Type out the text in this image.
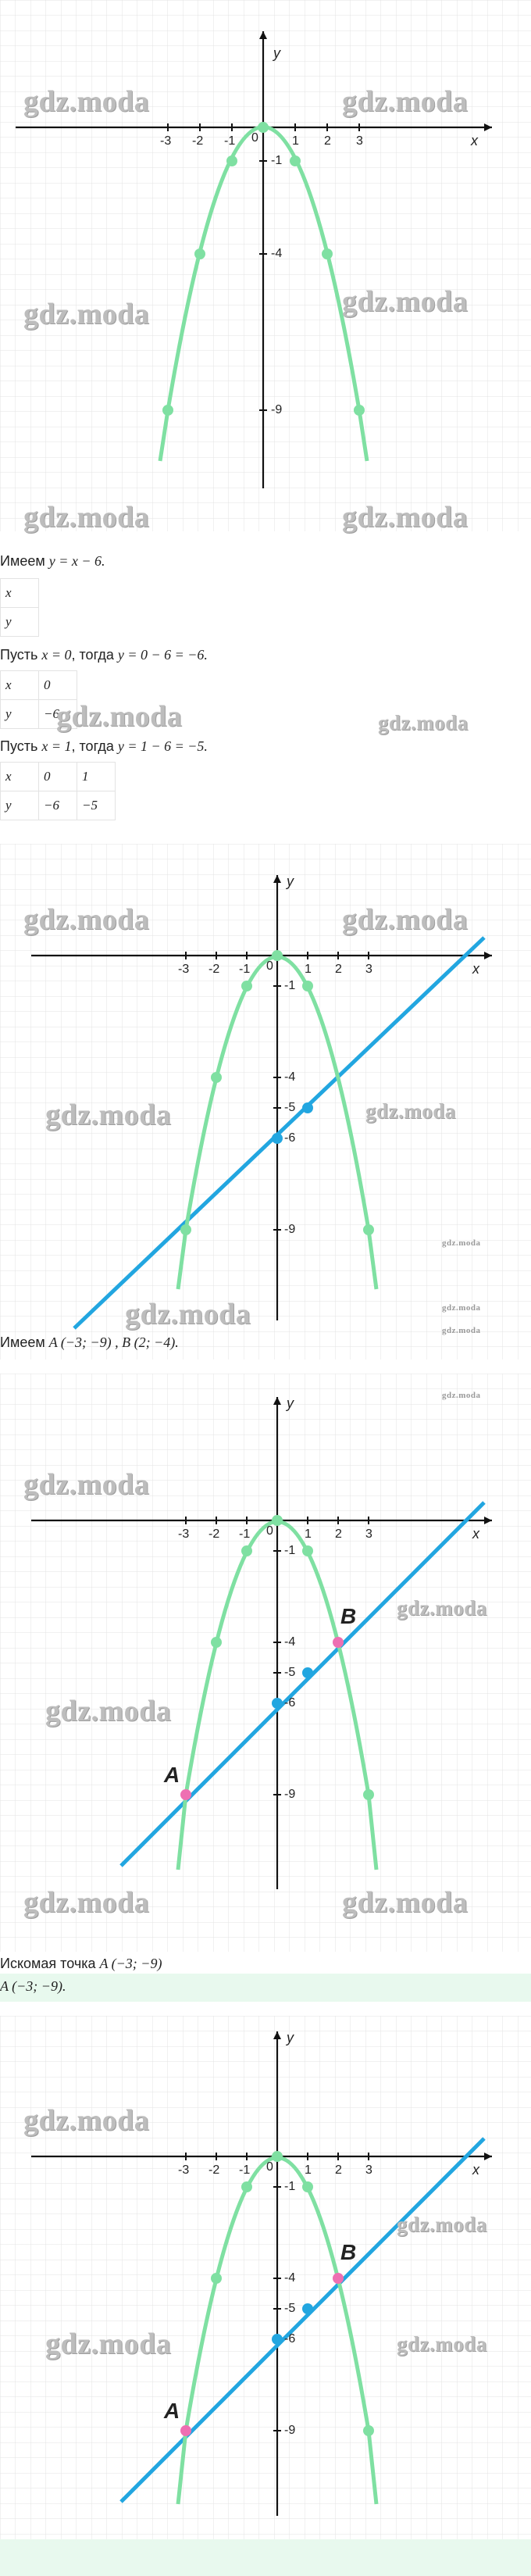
y
x
0
-3 -2 -1	1 2 3
-1
-4
-9
gdz.moda	gdz.moda
gdz.moda	gdz.moda
gdz.moda	gdz.moda
Имеем y = x − 6.
x
y
Пусть x = 0, тогда y = 0 − 6 = −6.
x	0
y	−6
gdz.moda	gdz.moda
Пусть x = 1, тогда y = 1 − 6 = −5.
x	0	1
y	−6	−5
y
x
0
-3 -2 -1	1 2 3
-1
-4
-5
-6
-9
gdz.moda	gdz.moda
gdz.moda	gdz.moda
gdz.moda
gdz.moda
gdz.moda
Имеем A (−3; −9) , B (2; −4).
gdz.moda
y
x
0
-3 -2 -1	1 2 3
-1
-4
-5
-6
-9
A
B
gdz.moda
gdz.moda
gdz.moda
gdz.moda	gdz.moda
gdz.moda
Искомая точка A (−3; −9)
A (−3; −9).
y
x
0
-3 -2 -1	1 2 3
-1
-4
-5
-6
-9
A
B
gdz.moda
gdz.moda
gdz.moda	gdz.moda
